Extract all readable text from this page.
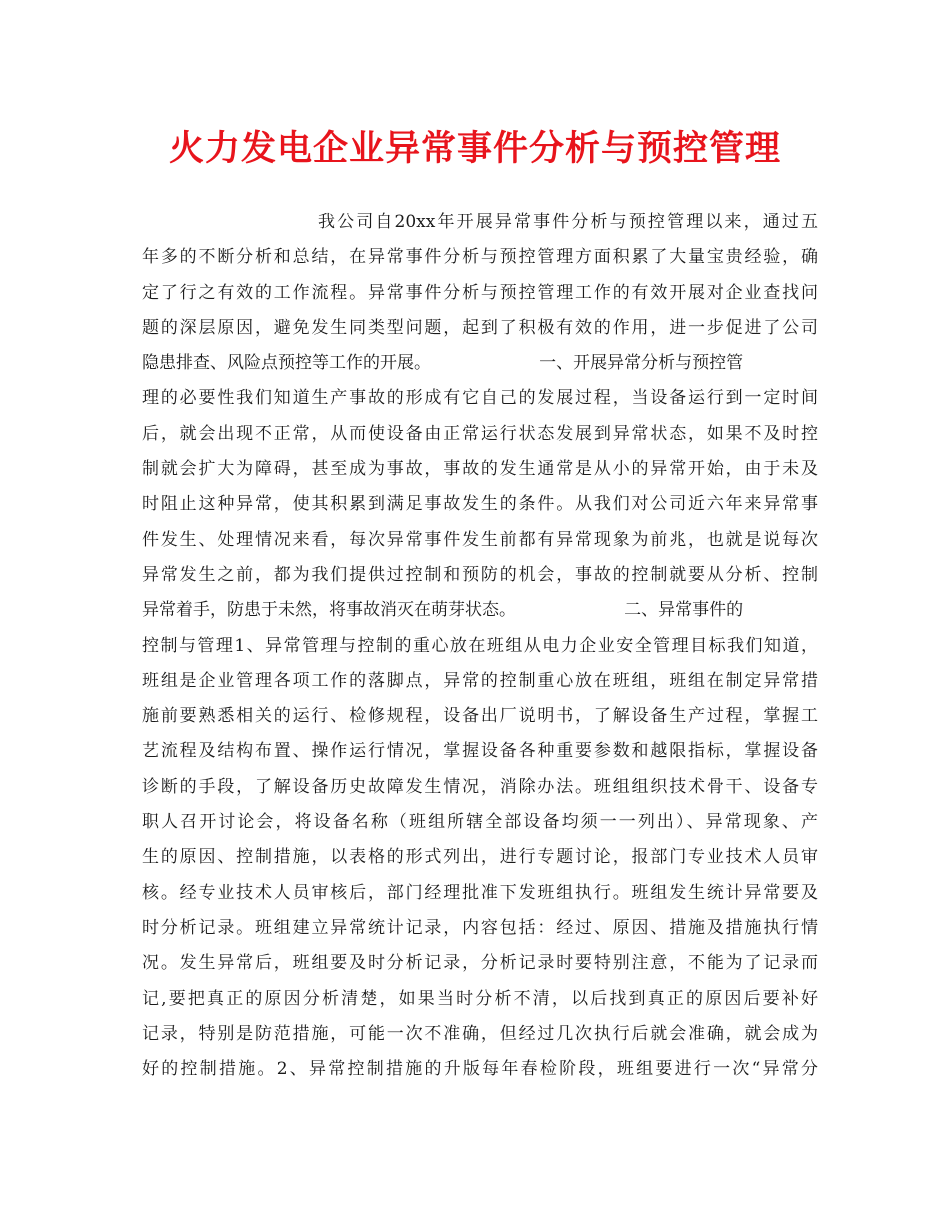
火力发电企业异常事件分析与预控管理
我公司自20xx年开展异常事件分析与预控管理以来，通过五
年多的不断分析和总结，在异常事件分析与预控管理方面积累了大量宝贵经验，确
定了行之有效的工作流程。异常事件分析与预控管理工作的有效开展对企业查找问
题的深层原因，避免发生同类型问题，起到了积极有效的作用，进一步促进了公司
隐患排查、风险点预控等工作的开展。                    一、开展异常分析与预控管
理的必要性我们知道生产事故的形成有它自己的发展过程，当设备运行到一定时间
后，就会出现不正常，从而使设备由正常运行状态发展到异常状态，如果不及时控
制就会扩大为障碍，甚至成为事故，事故的发生通常是从小的异常开始，由于未及
时阻止这种异常，使其积累到满足事故发生的条件。从我们对公司近六年来异常事
件发生、处理情况来看，每次异常事件发生前都有异常现象为前兆，也就是说每次
异常发生之前，都为我们提供过控制和预防的机会，事故的控制就要从分析、控制
异常着手，防患于未然，将事故消灭在萌芽状态。                    二、异常事件的
控制与管理1、异常管理与控制的重心放在班组从电力企业安全管理目标我们知道，
班组是企业管理各项工作的落脚点，异常的控制重心放在班组，班组在制定异常措
施前要熟悉相关的运行、检修规程，设备出厂说明书，了解设备生产过程，掌握工
艺流程及结构布置、操作运行情况，掌握设备各种重要参数和越限指标，掌握设备
诊断的手段，了解设备历史故障发生情况，消除办法。班组组织技术骨干、设备专
职人召开讨论会，将设备名称（班组所辖全部设备均须一一列出）、异常现象、产
生的原因、控制措施，以表格的形式列出，进行专题讨论，报部门专业技术人员审
核。经专业技术人员审核后，部门经理批准下发班组执行。班组发生统计异常要及
时分析记录。班组建立异常统计记录，内容包括：经过、原因、措施及措施执行情
况。发生异常后，班组要及时分析记录，分析记录时要特别注意，不能为了记录而
记,要把真正的原因分析清楚，如果当时分析不清，以后找到真正的原因后要补好
记录，特别是防范措施，可能一次不准确，但经过几次执行后就会准确，就会成为
好的控制措施。2、异常控制措施的升版每年春检阶段，班组要进行一次“异常分
